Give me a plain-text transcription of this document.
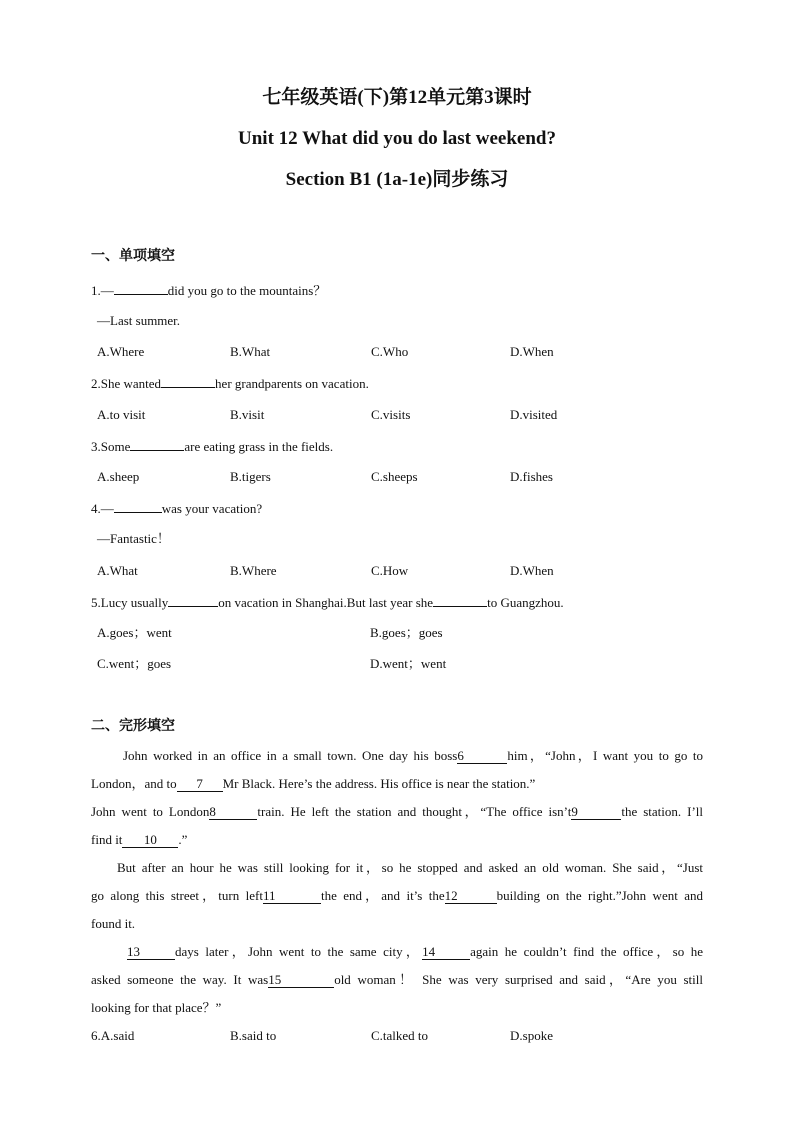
七年级英语(下)第12单元第3课时
Unit 12 What did you do last weekend?
Section B1 (1a-1e)同步练习
一、单项填空
1.—	did you go to the mountains？
—Last summer.
A.Where	B.What	C.Who	D.When
2.She wanted	her grandparents on vacation.
A.to visit	B.visit	C.visits	D.visited
3.Some	are eating grass in the fields.
A.sheep	B.tigers	C.sheeps	D.fishes
4.—	was your vacation?
—Fantastic！
A.What	B.Where	C.How	D.When
5.Lucy usually	on vacation in Shanghai.But last year she	to Guangzhou.
A.goes；went	B.goes；goes
C.went；goes	D.went；went
二、完形填空
John worked in an office in a small town. One day his boss6	him，“John，I want you to go to
London，and to 7 Mr Black. Here’s the address. His office is near the station.”
John went to London8	train. He left the station and thought，“The office isn’t9	the station. I’ll
find it 10 .”
But after an hour he was still looking for it，so he stopped and asked an old woman. She said，“Just
go along this street，turn left11	the end，and it’s the12	building on the right.”John went and
found it.
13	days later，John went to the same city，14	again he couldn’t find the office，so he
asked someone the way. It was15	old woman！ She was very surprised and said，“Are you still
looking for that place？”
6.A.said	B.said to	C.talked to	D.spoke
